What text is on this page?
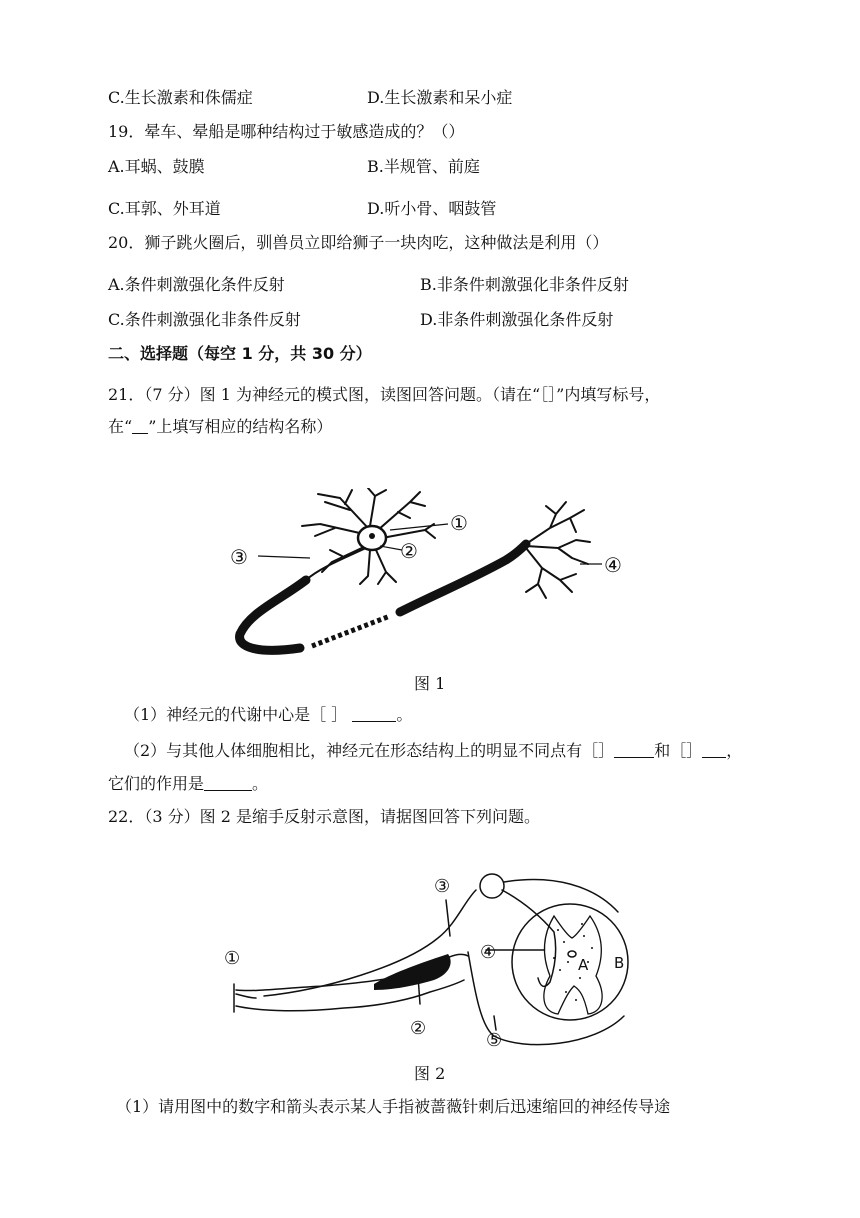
C.生长激素和侏儒症	D.生长激素和呆小症
19．晕车、晕船是哪种结构过于敏感造成的？（）
A.耳蜗、鼓膜	B.半规管、前庭
C.耳郭、外耳道	D.听小骨、咽鼓管
20．狮子跳火圈后，驯兽员立即给狮子一块肉吃，这种做法是利用（）
A.条件刺激强化条件反射	B.非条件刺激强化非条件反射
C.条件刺激强化非条件反射	D.非条件刺激强化条件反射
二、选择题（每空 1 分，共 30 分）
21．（7 分）图 1 为神经元的模式图，读图回答问题。（请在“［］”内填写标号，
在“ ”上填写相应的结构名称）
①
②
③	④
图 1
（1）神经元的代谢中心是［ ］	。
（2）与其他人体细胞相比，神经元在形态结构上的明显不同点有［］	和［］ ，
它们的作用是	。
22．（3 分）图 2 是缩手反射示意图，请据图回答下列问题。
①
②
③
④
⑤
A B
图 2
（1）请用图中的数字和箭头表示某人手指被蔷薇针刺后迅速缩回的神经传导途
